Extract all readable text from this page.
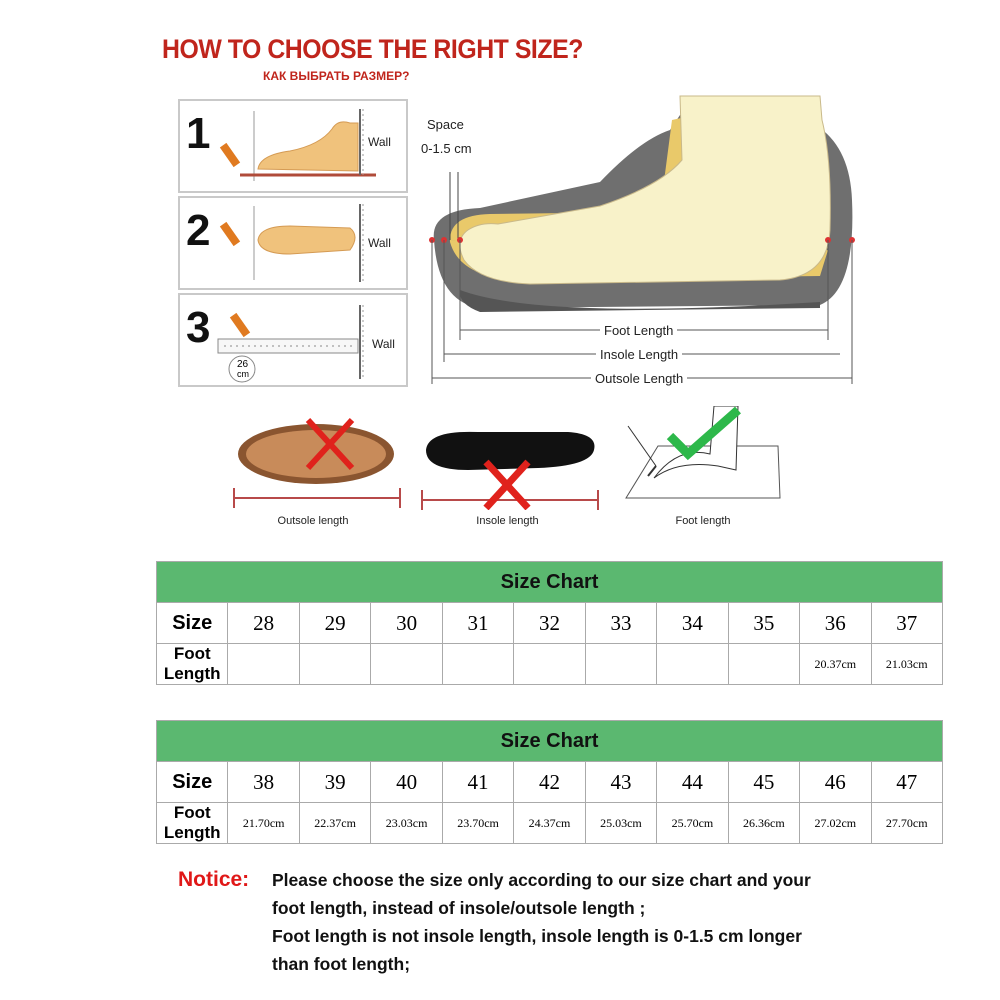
HOW TO CHOOSE THE RIGHT SIZE?
КАК ВЫБРАТЬ РАЗМЕР?
1	Wall
2	Wall
3
26
cm
Wall
Space
0-1.5 cm
Foot Length
Insole Length
Outsole Length
Outsole length	Insole length	Foot length
Size Chart										
Size	28	29	30	31	32	33	34	35	36	37
Foot Length									20.37cm	21.03cm
Size Chart										
Size	38	39	40	41	42	43	44	45	46	47
Foot Length	21.70cm	22.37cm	23.03cm	23.70cm	24.37cm	25.03cm	25.70cm	26.36cm	27.02cm	27.70cm
Notice: Please choose the size only according to our size chart and your
foot length, instead of insole/outsole length ;
Foot length is not insole length, insole length is 0-1.5 cm longer
than foot length;
